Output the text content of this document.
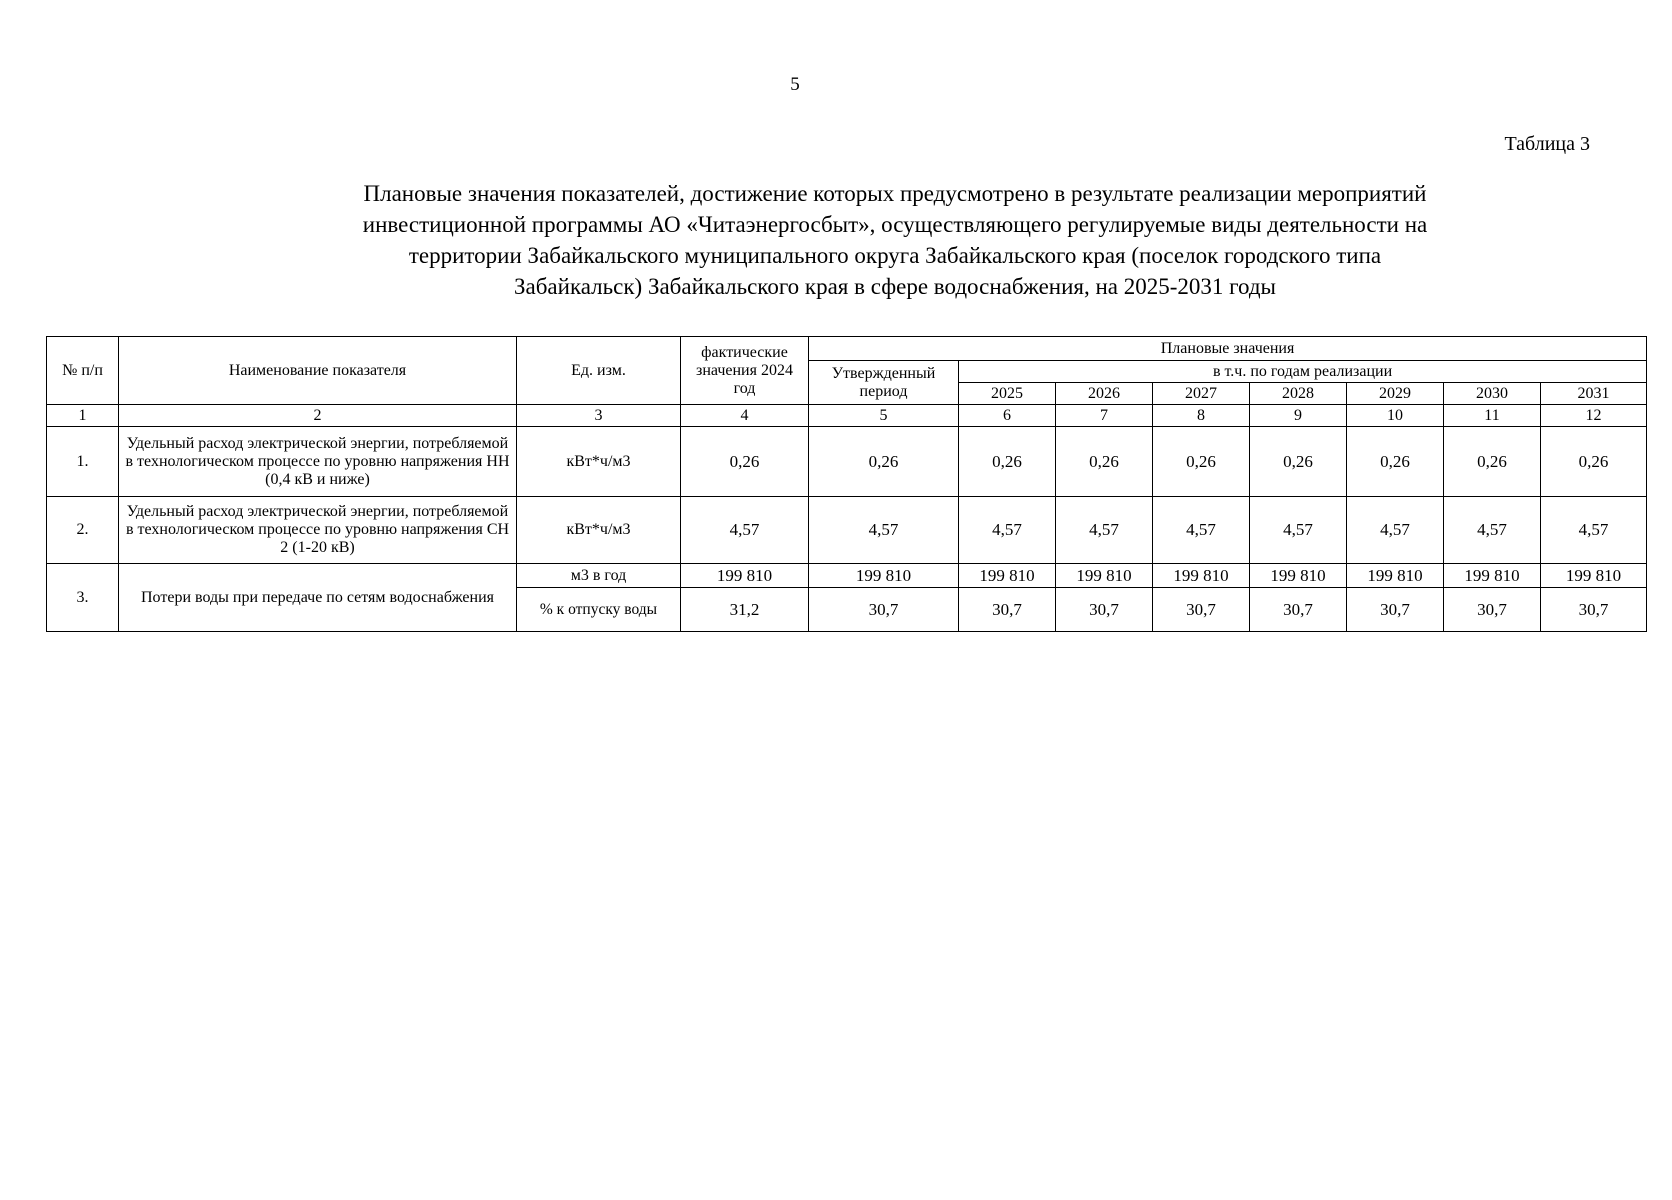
5
Таблица 3
Плановые значения показателей, достижение которых предусмотрено в результате реализации мероприятий
инвестиционной программы АО «Читаэнергосбыт», осуществляющего регулируемые виды деятельности на
территории Забайкальского муниципального округа Забайкальского края (поселок городского типа
Забайкальск) Забайкальского края в сфере водоснабжения, на 2025-2031 годы
№ п/п	Наименование показателя	Ед. изм.	фактические значения 2024 год	Плановые значения							
				Утвержденный период	в т.ч. по годам реализации						
					2025	2026	2027	2028	2029	2030	2031
1	2	3	4	5	6	7	8	9	10	11	12
1.	Удельный расход электрической энергии, потребляемой в технологическом процессе по уровню напряжения НН (0,4 кВ и ниже)	кВт*ч/м3	0,26	0,26	0,26	0,26	0,26	0,26	0,26	0,26	0,26
2.	Удельный расход электрической энергии, потребляемой в технологическом процессе по уровню напряжения СН 2 (1-20 кВ)	кВт*ч/м3	4,57	4,57	4,57	4,57	4,57	4,57	4,57	4,57	4,57
3.	Потери воды при передаче по сетям водоснабжения	м3 в год	199 810	199 810	199 810	199 810	199 810	199 810	199 810	199 810	199 810
		% к отпуску воды	31,2	30,7	30,7	30,7	30,7	30,7	30,7	30,7	30,7
